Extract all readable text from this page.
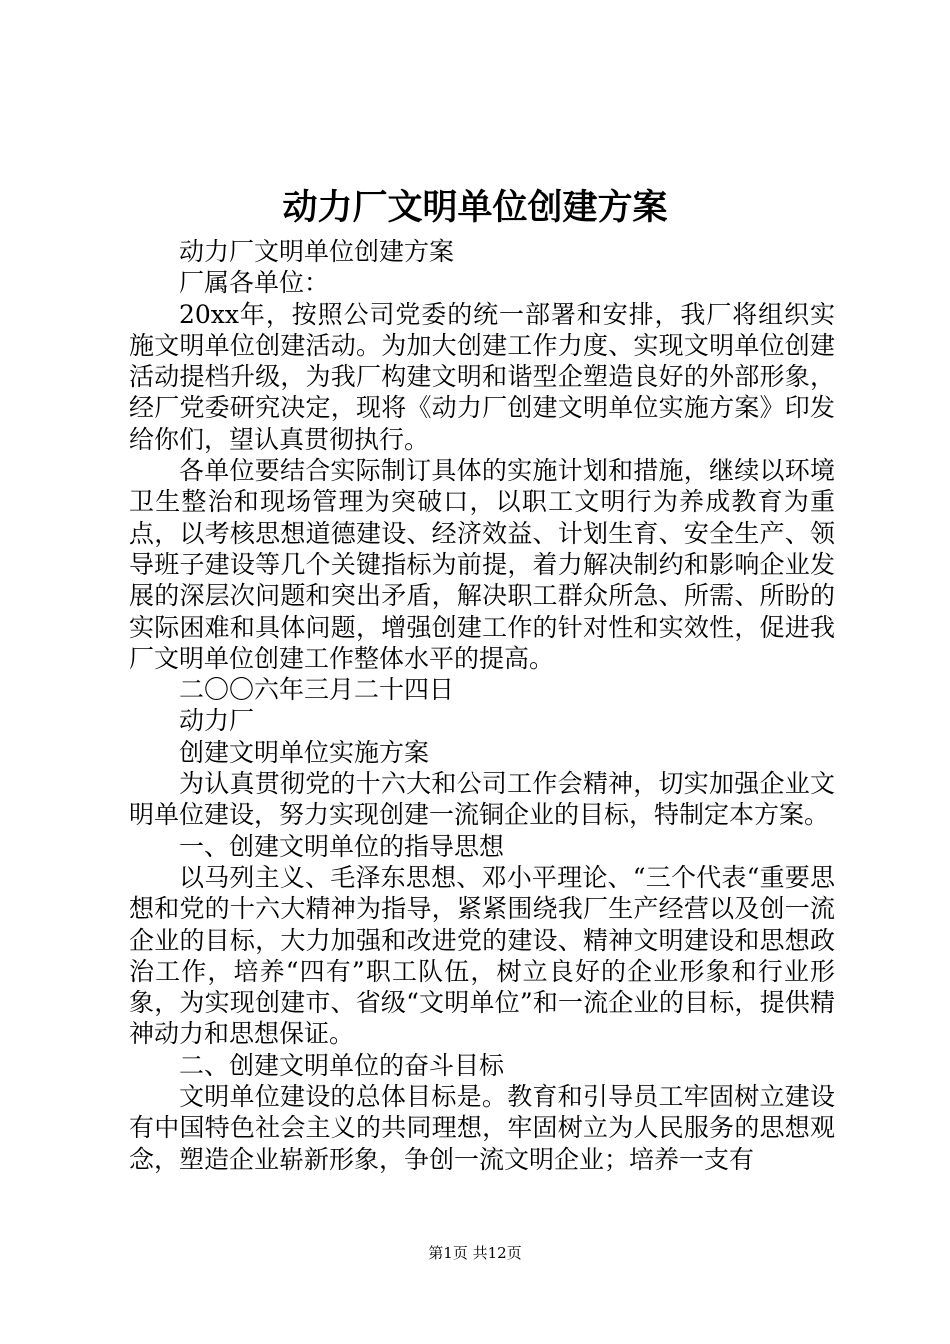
动力厂文明单位创建方案

动力厂文明单位创建方案

厂属各单位：

20xx年，按照公司党委的统一部署和安排，我厂将组织实施文明单位创建活动。为加大创建工作力度、实现文明单位创建活动提档升级，为我厂构建文明和谐型企塑造良好的外部形象，经厂党委研究决定，现将《动力厂创建文明单位实施方案》印发给你们，望认真贯彻执行。

各单位要结合实际制订具体的实施计划和措施，继续以环境卫生整治和现场管理为突破口，以职工文明行为养成教育为重点，以考核思想道德建设、经济效益、计划生育、安全生产、领导班子建设等几个关键指标为前提，着力解决制约和影响企业发展的深层次问题和突出矛盾，解决职工群众所急、所需、所盼的实际困难和具体问题，增强创建工作的针对性和实效性，促进我厂文明单位创建工作整体水平的提高。

二〇〇六年三月二十四日

动力厂

创建文明单位实施方案

为认真贯彻党的十六大和公司工作会精神，切实加强企业文明单位建设，努力实现创建一流铜企业的目标，特制定本方案。

一、创建文明单位的指导思想

以马列主义、毛泽东思想、邓小平理论、“三个代表“重要思想和党的十六大精神为指导，紧紧围绕我厂生产经营以及创一流企业的目标，大力加强和改进党的建设、精神文明建设和思想政治工作，培养“四有”职工队伍，树立良好的企业形象和行业形象，为实现创建市、省级“文明单位”和一流企业的目标，提供精神动力和思想保证。

二、创建文明单位的奋斗目标

文明单位建设的总体目标是。教育和引导员工牢固树立建设有中国特色社会主义的共同理想，牢固树立为人民服务的思想观念，塑造企业崭新形象，争创一流文明企业；培养一支有

第1页 共12页
